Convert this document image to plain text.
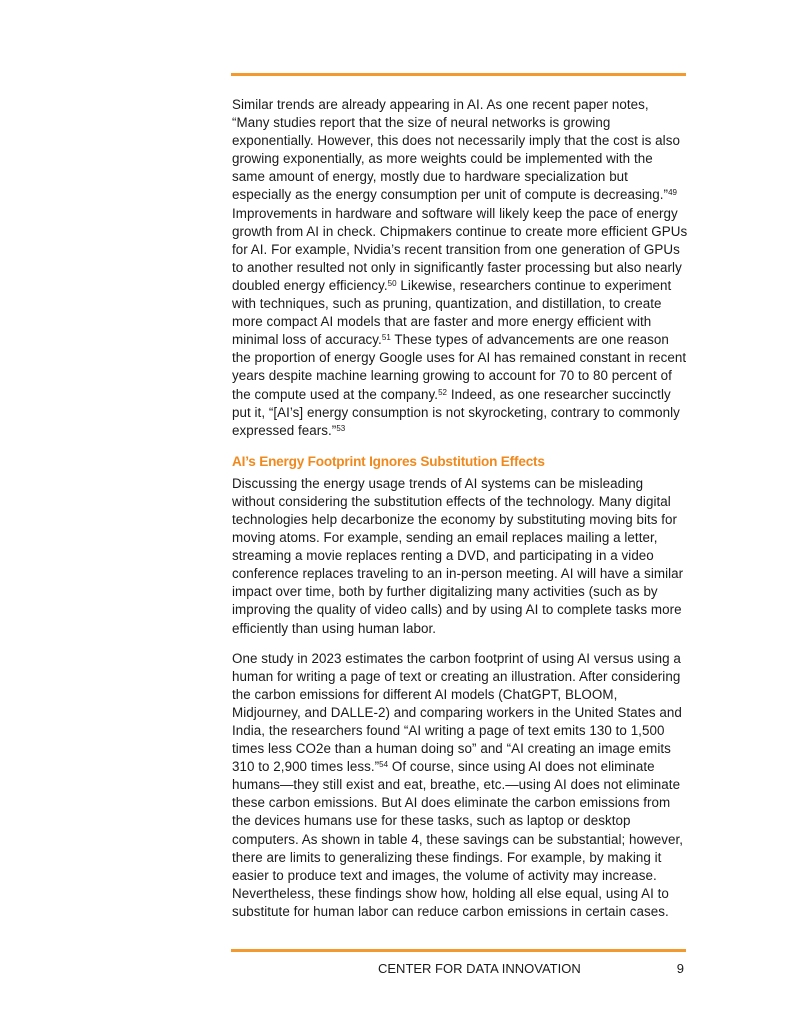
Similar trends are already appearing in AI. As one recent paper notes, “Many studies report that the size of neural networks is growing exponentially. However, this does not necessarily imply that the cost is also growing exponentially, as more weights could be implemented with the same amount of energy, mostly due to hardware specialization but especially as the energy consumption per unit of compute is decreasing.”$^{49}$ Improvements in hardware and software will likely keep the pace of energy growth from AI in check. Chipmakers continue to create more efficient GPUs for AI. For example, Nvidia’s recent transition from one generation of GPUs to another resulted not only in significantly faster processing but also nearly doubled energy efficiency.$^{50}$ Likewise, researchers continue to experiment with techniques, such as pruning, quantization, and distillation, to create more compact AI models that are faster and more energy efficient with minimal loss of accuracy.$^{51}$ These types of advancements are one reason the proportion of energy Google uses for AI has remained constant in recent years despite machine learning growing to account for 70 to 80 percent of the compute used at the company.$^{52}$ Indeed, as one researcher succinctly put it, “[AI’s] energy consumption is not skyrocketing, contrary to commonly expressed fears.”$^{53}$

AI’s Energy Footprint Ignores Substitution Effects

Discussing the energy usage trends of AI systems can be misleading without considering the substitution effects of the technology. Many digital technologies help decarbonize the economy by substituting moving bits for moving atoms. For example, sending an email replaces mailing a letter, streaming a movie replaces renting a DVD, and participating in a video conference replaces traveling to an in-person meeting. AI will have a similar impact over time, both by further digitalizing many activities (such as by improving the quality of video calls) and by using AI to complete tasks more efficiently than using human labor.

One study in 2023 estimates the carbon footprint of using AI versus using a human for writing a page of text or creating an illustration. After considering the carbon emissions for different AI models (ChatGPT, BLOOM, Midjourney, and DALLE-2) and comparing workers in the United States and India, the researchers found “AI writing a page of text emits 130 to 1,500 times less CO2e than a human doing so” and “AI creating an image emits 310 to 2,900 times less.”$^{54}$ Of course, since using AI does not eliminate humans—they still exist and eat, breathe, etc.—using AI does not eliminate these carbon emissions. But AI does eliminate the carbon emissions from the devices humans use for these tasks, such as laptop or desktop computers. As shown in table 4, these savings can be substantial; however, there are limits to generalizing these findings. For example, by making it easier to produce text and images, the volume of activity may increase. Nevertheless, these findings show how, holding all else equal, using AI to substitute for human labor can reduce carbon emissions in certain cases.

CENTER FOR DATA INNOVATION	9
